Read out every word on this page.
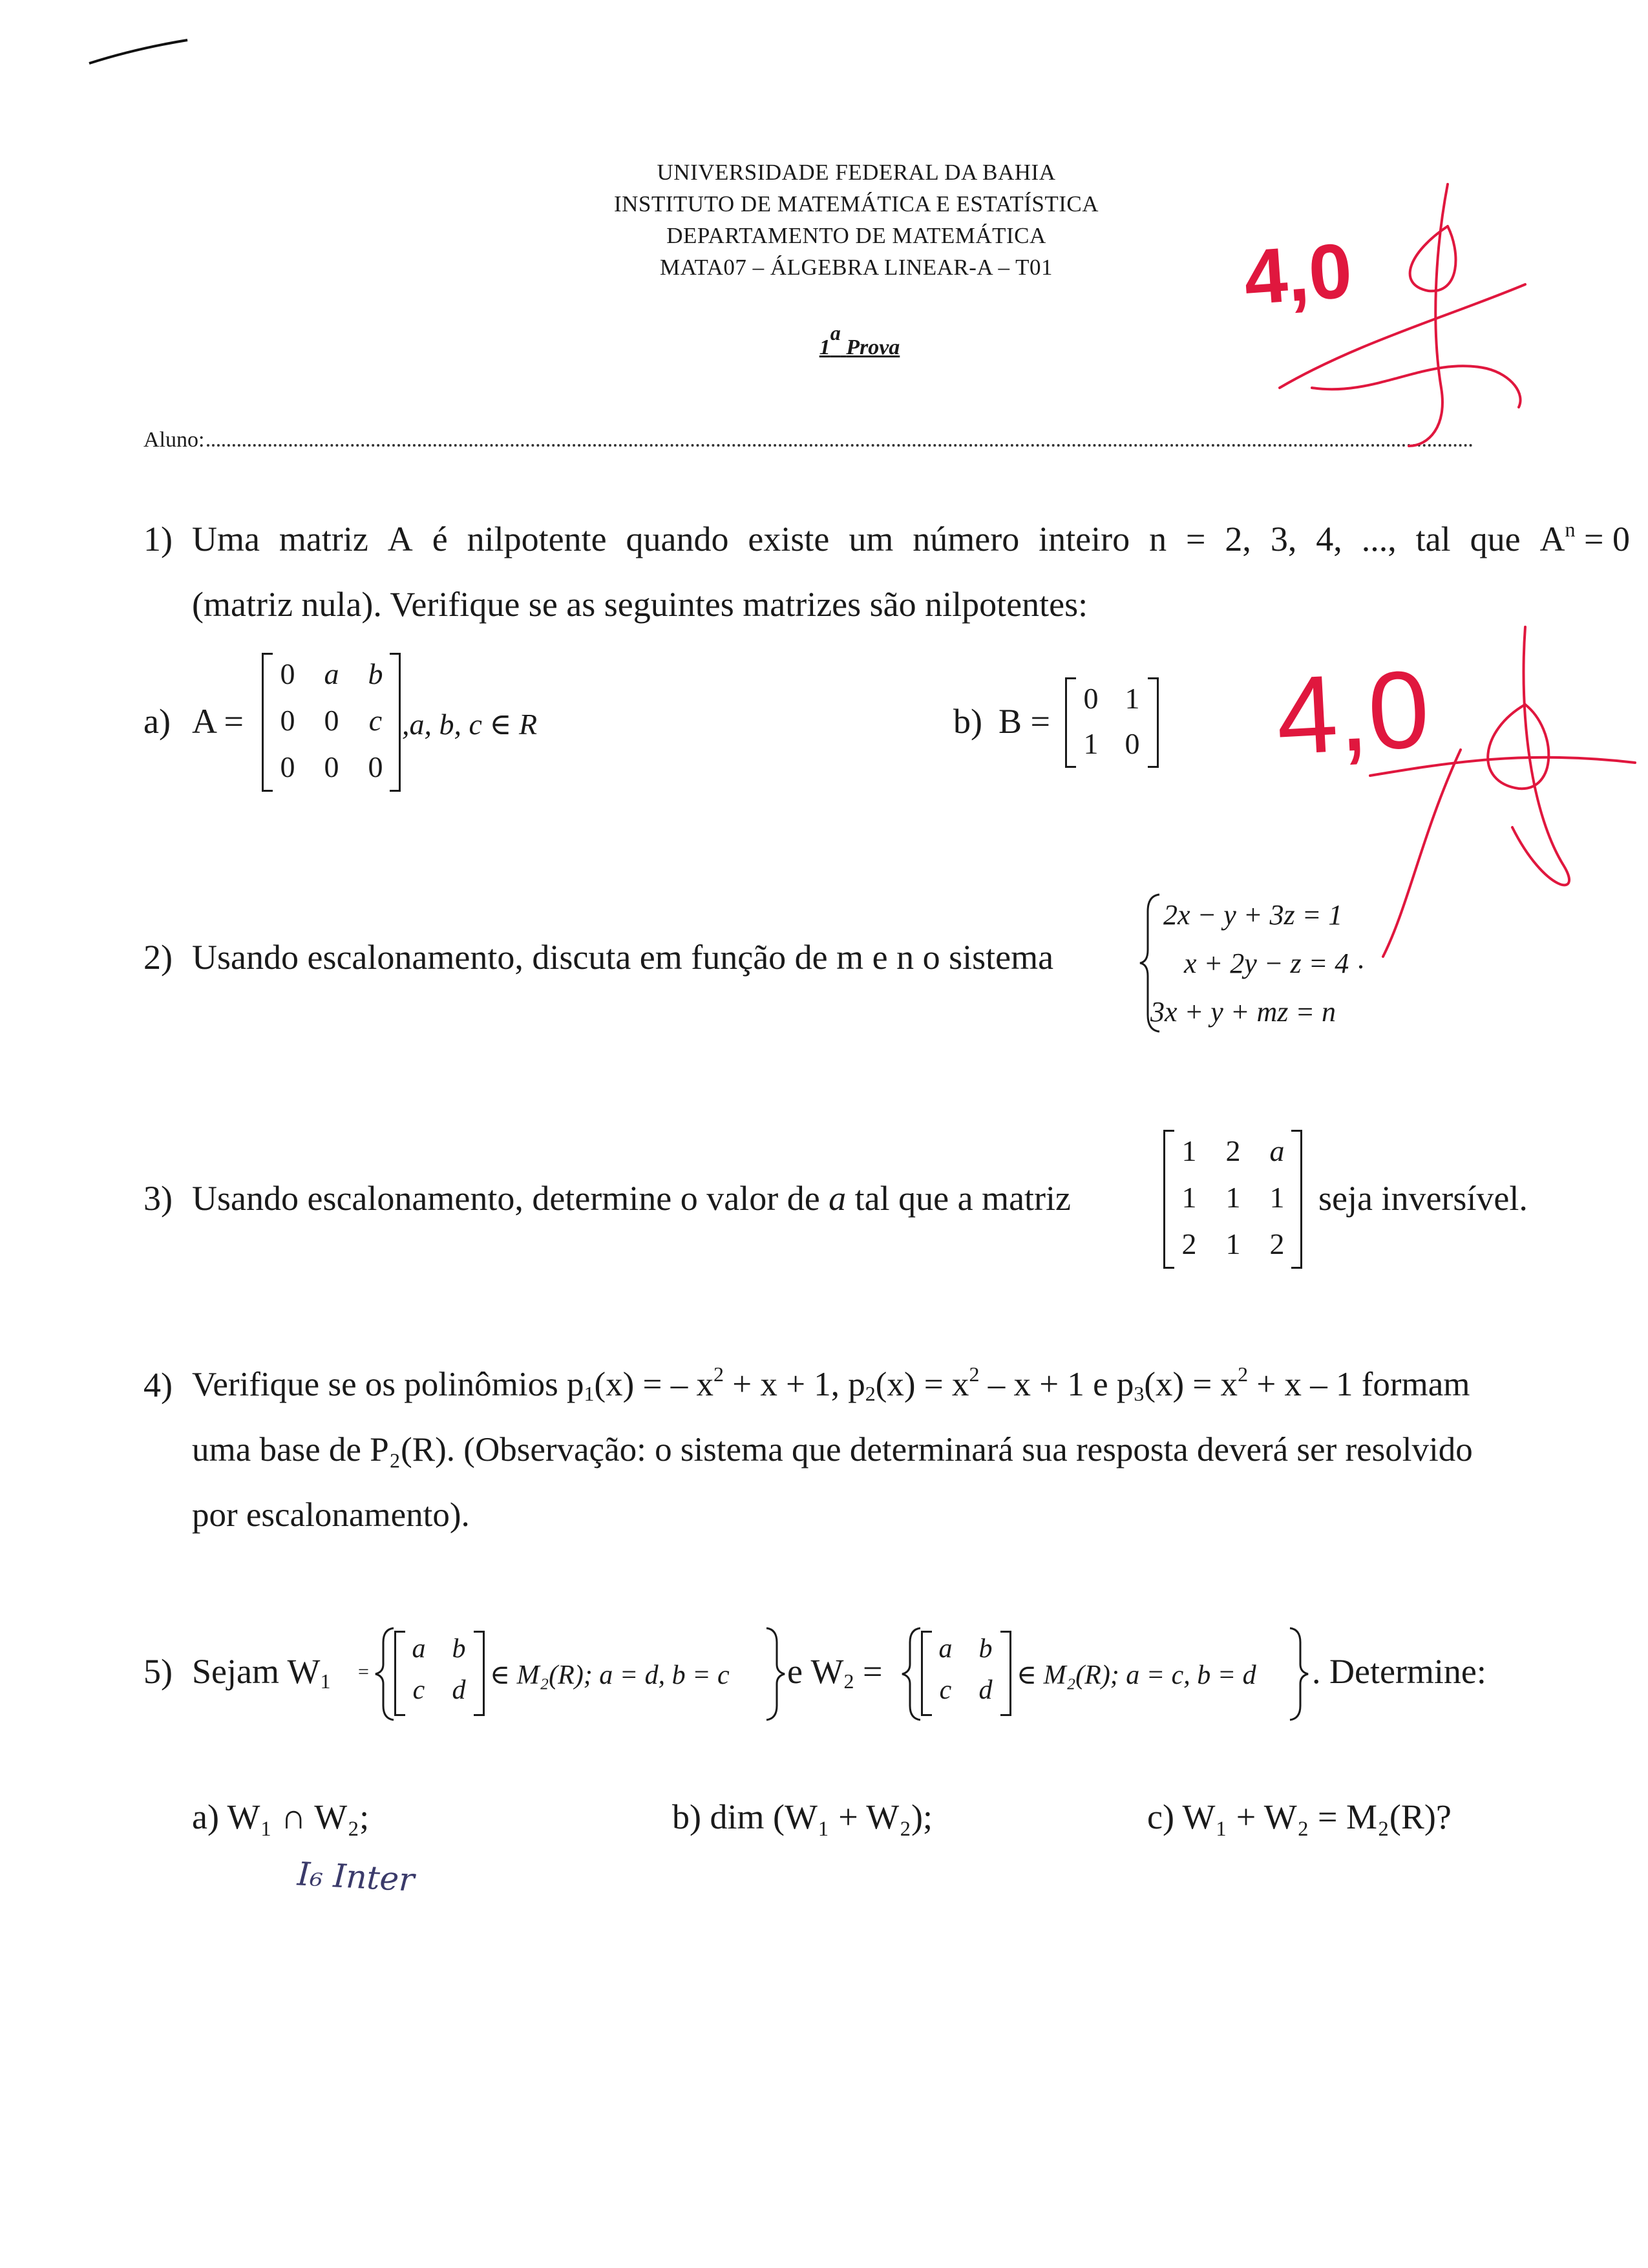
UNIVERSIDADE FEDERAL DA BAHIA
INSTITUTO DE MATEMÁTICA E ESTATÍSTICA
DEPARTAMENTO DE MATEMÁTICA
MATA07 – ÁLGEBRA LINEAR-A – T01
1$^a$ Prova
Aluno:
4,0
4,0
1) Uma matriz A é nilpotente quando existe um número inteiro n = 2, 3, 4, ..., tal que $A^n = 0$
(matriz nula). Verifique se as seguintes matrizes são nilpotentes:
a) A =
0 a b
0 0	c
0 0 0
,a, b, c ∈ R	b) B =
0 1
1 0
2) Usando escalonamento, discuta em função de m e n o sistema
2x − y + 3z = 1
x + 2y − z = 4
3x + y + mz = n
.
3) Usando escalonamento, determine o valor de a tal que a matriz
1 2 a
1 1 1
2 1 2
seja inversível.
4) Verifique se os polinômios $p_1(x)$ = – $x^2 + x + 1$, $p_2(x) = x^2 - x + 1$ e $p_3(x) = x^2 + x - 1$ formam
uma base de P₂(R). (Observação: o sistema que determinará sua resposta deverá ser resolvido
por escalonamento).
5) Sejam $W_1$ =
a b
c	d ∈ M₂(R); a = d, b = c e $W_2$ =
a b
c	d ∈ M₂(R); a = c, b = d . Determine:
a) W₁ ∩ W₂;	b) dim (W₁ + W₂);	c) W₁ + W₂ = M₂(R)?
I₆ Inter
